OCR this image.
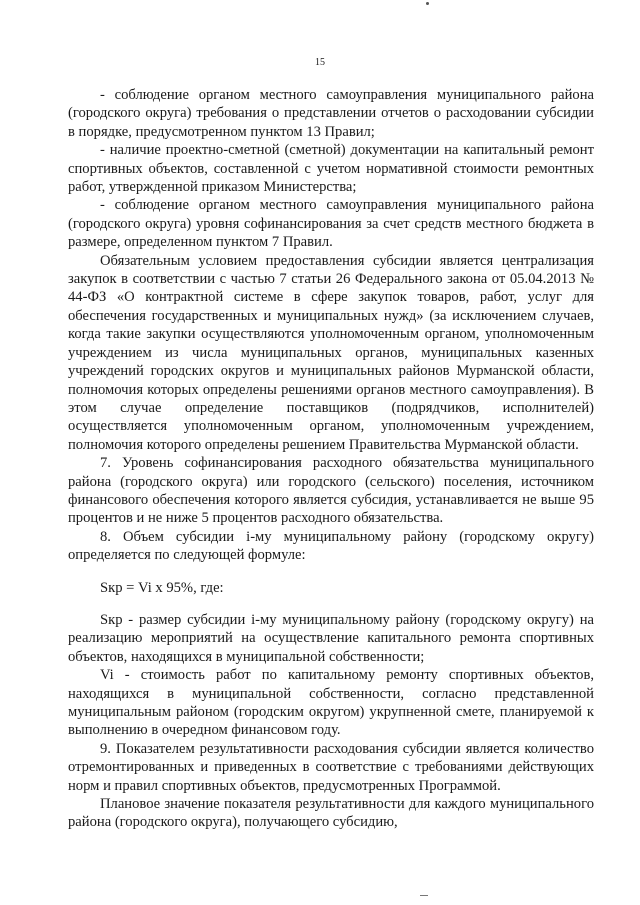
15

- соблюдение органом местного самоуправления муниципального района (городского округа) требования о представлении отчетов о расходовании субсидии в порядке, предусмотренном пунктом 13 Правил;

- наличие проектно-сметной (сметной) документации на капитальный ремонт спортивных объектов, составленной с учетом нормативной стоимости ремонтных работ, утвержденной приказом Министерства;

- соблюдение органом местного самоуправления муниципального района (городского округа) уровня софинансирования за счет средств местного бюджета в размере, определенном пунктом 7 Правил.

Обязательным условием предоставления субсидии является централизация закупок в соответствии с частью 7 статьи 26 Федерального закона от 05.04.2013 № 44-ФЗ «О контрактной системе в сфере закупок товаров, работ, услуг для обеспечения государственных и муниципальных нужд» (за исключением случаев, когда такие закупки осуществляются уполномоченным органом, уполномоченным учреждением из числа муниципальных органов, муниципальных казенных учреждений городских округов и муниципальных районов Мурманской области, полномочия которых определены решениями органов местного самоуправления). В этом случае определение поставщиков (подрядчиков, исполнителей) осуществляется уполномоченным органом, уполномоченным учреждением, полномочия которого определены решением Правительства Мурманской области.

7. Уровень софинансирования расходного обязательства муниципального района (городского округа) или городского (сельского) поселения, источником финансового обеспечения которого является субсидия, устанавливается не выше 95 процентов и не ниже 5 процентов расходного обязательства.

8. Объем субсидии i-му муниципальному району (городскому округу) определяется по следующей формуле:

Sкр = Vi x 95%, где:

Sкр - размер субсидии i-му муниципальному району (городскому округу) на реализацию мероприятий на осуществление капитального ремонта спортивных объектов, находящихся в муниципальной собственности;

Vi - стоимость работ по капитальному ремонту спортивных объектов, находящихся в муниципальной собственности, согласно представленной муниципальным районом (городским округом) укрупненной смете, планируемой к выполнению в очередном финансовом году.

9. Показателем результативности расходования субсидии является количество отремонтированных и приведенных в соответствие с требованиями действующих норм и правил спортивных объектов, предусмотренных Программой.

Плановое значение показателя результативности для каждого муниципального района (городского округа), получающего субсидию,
